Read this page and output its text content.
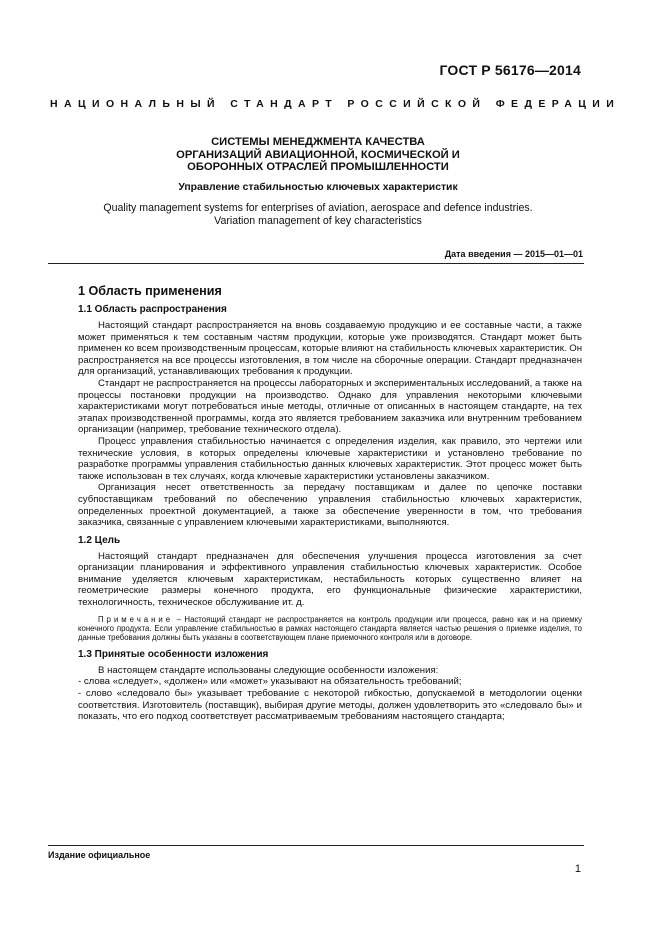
ГОСТ Р 56176—2014
НАЦИОНАЛЬНЫЙ СТАНДАРТ РОССИЙСКОЙ ФЕДЕРАЦИИ
СИСТЕМЫ МЕНЕДЖМЕНТА КАЧЕСТВА
ОРГАНИЗАЦИЙ АВИАЦИОННОЙ, КОСМИЧЕСКОЙ И
ОБОРОННЫХ ОТРАСЛЕЙ ПРОМЫШЛЕННОСТИ
Управление стабильностью ключевых характеристик
Quality management systems for enterprises of aviation, aerospace and defence industries.
Variation management of key characteristics
Дата введения — 2015—01—01
1 Область применения
1.1 Область распространения

Настоящий стандарт распространяется на вновь создаваемую продукцию и ее составные части, а также может применяться к тем составным частям продукции, которые уже производятся. Стандарт может быть применен ко всем производственным процессам, которые влияют на стабильность ключевых характеристик. Он распространяется на все процессы изготовления, в том числе на сборочные операции. Стандарт предназначен для организаций, устанавливающих требования к продукции.

Стандарт не распространяется на процессы лабораторных и экспериментальных исследований, а также на процессы постановки продукции на производство. Однако для управления некоторыми ключевыми характеристиками могут потребоваться иные методы, отличные от описанных в настоящем стандарте, на тех этапах производственной программы, когда это является требованием заказчика или внутренним требованием организации (например, требование технического отдела).

Процесс управления стабильностью начинается с определения изделия, как правило, это чертежи или технические условия, в которых определены ключевые характеристики и установлено требование по разработке программы управления стабильностью данных ключевых характеристик. Этот процесс может быть также использован в тех случаях, когда ключевые характеристики установлены заказчиком.

Организация несет ответственность за передачу поставщикам и далее по цепочке поставки субпоставщикам требований по обеспечению управления стабильностью ключевых характеристик, определенных проектной документацией, а также за обеспечение уверенности в том, что требования заказчика, связанные с управлением ключевыми характеристиками, выполняются.

1.2 Цель

Настоящий стандарт предназначен для обеспечения улучшения процесса изготовления за счет организации планирования и эффективного управления стабильностью ключевых характеристик. Особое внимание уделяется ключевым характеристикам, нестабильность которых существенно влияет на геометрические размеры конечного продукта, его функциональные физические характеристики, технологичность, техническое обслуживание ит. д.

Примечание – Настоящий стандарт не распространяется на контроль продукции или процесса, равно как и на приемку конечного продукта. Если управление стабильностью в рамках настоящего стандарта является частью решения о приемке изделия, то данные требования должны быть указаны в соответствующем плане приемочного контроля или в договоре.
1.3 Принятые особенности изложения

В настоящем стандарте использованы следующие особенности изложения:

- слова «следует», «должен» или «может» указывают на обязательность требований;

- слово «следовало бы» указывает требование с некоторой гибкостью, допускаемой в методологии оценки соответствия. Изготовитель (поставщик), выбирая другие методы, должен удовлетворить это «следовало бы» и показать, что его подход соответствует рассматриваемым требованиям настоящего стандарта;

Издание официальное
1
